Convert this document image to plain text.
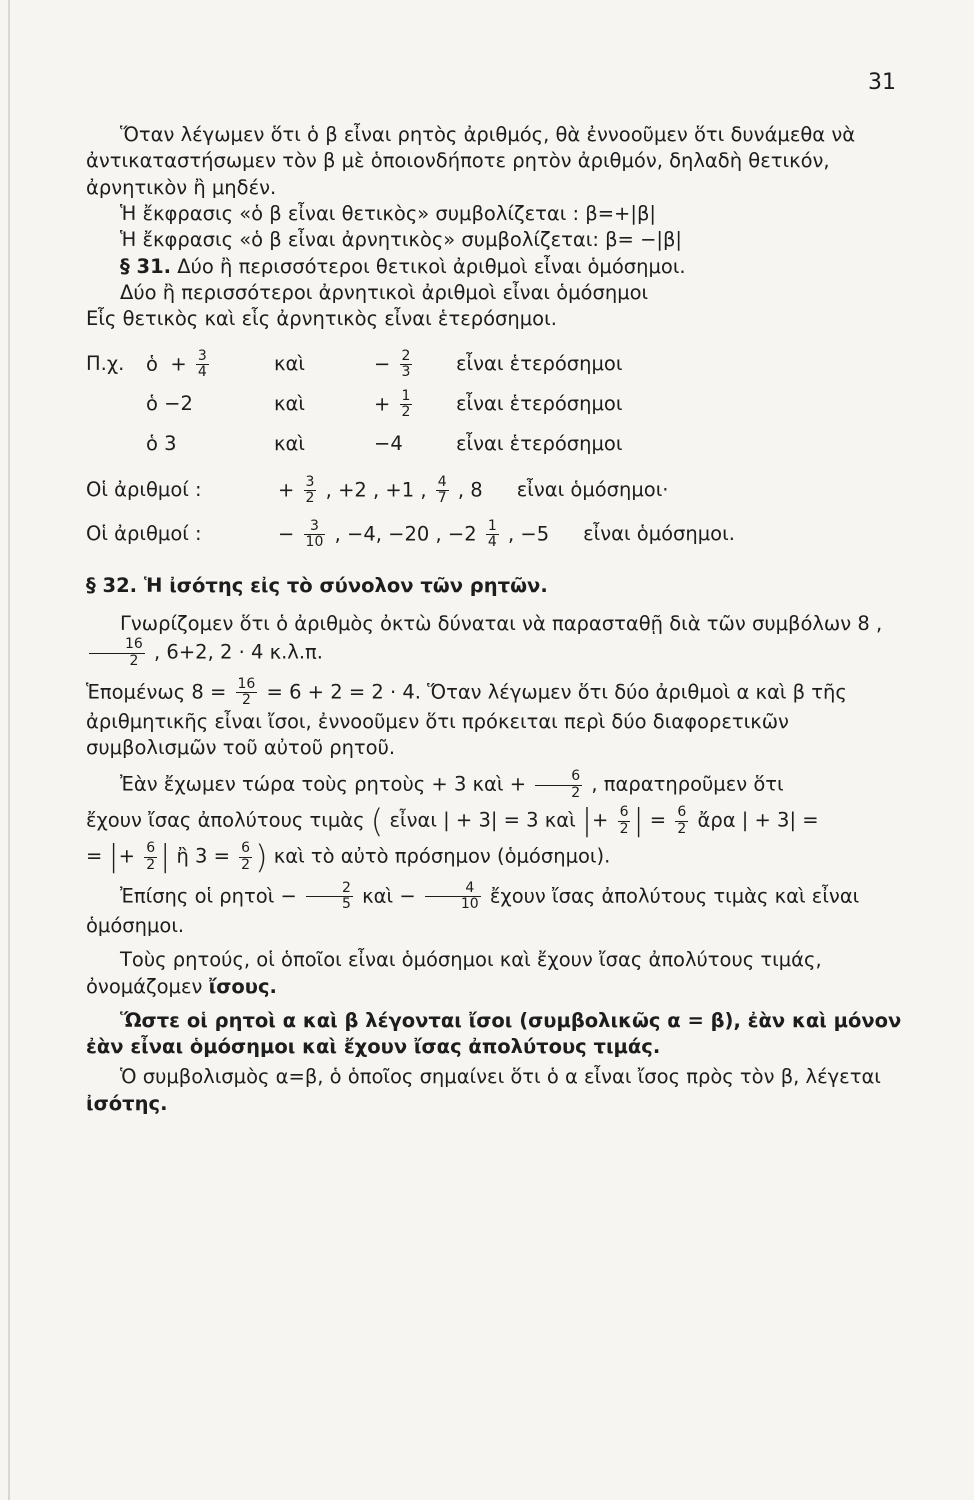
31

Ὅταν λέγωμεν ὅτι ὁ β εἶναι ρητὸς ἀριθμός, θὰ ἐννοοῦμεν ὅτι δυνάμεθα νὰ ἀντικαταστήσωμεν τὸν β μὲ ὁποιονδήποτε ρητὸν ἀριθμόν, δηλαδὴ θετικόν, ἀρνητικὸν ἢ μηδέν.

Ἡ ἔκφρασις «ὁ β εἶναι θετικὸς» συμβολίζεται : β=+|β|

Ἡ ἔκφρασις «ὁ β εἶναι ἀρνητικὸς» συμβολίζεται: β= −|β|

§ 31. Δύο ἢ περισσότεροι θετικοὶ ἀριθμοὶ εἶναι ὁμόσημοι.

Δύο ἢ περισσότεροι ἀρνητικοὶ ἀριθμοὶ εἶναι ὁμόσημοι

Εἷς θετικὸς καὶ εἷς ἀρνητικὸς εἶναι ἑτερόσημοι.

Π.χ.	ὁ + $\frac{3}{4}$	καὶ	− $\frac{2}{3}$ εἶναι ἑτερόσημοι
ὁ −2	καὶ	+ $\frac{1}{2}$ εἶναι ἑτερόσημοι
ὁ 3	καὶ	−4	εἶναι ἑτερόσημοι
Οἱ ἀριθμοί :	+ $\frac{3}{2}$ , +2 , +1 , $\frac{4}{7}$ , 8 εἶναι ὁμόσημοι·
Οἱ ἀριθμοί :	− $\frac{3}{10}$ , −4, −20 , $-2 \frac{1}{4}$ , −5 εἶναι ὁμόσημοι.

§ 32. Ἡ ἰσότης εἰς τὸ σύνολον τῶν ρητῶν.

Γνωρίζομεν ὅτι ὁ ἀριθμὸς ὀκτὼ δύναται νὰ παρασταθῇ διὰ τῶν συμβόλων 8 ,
$\frac{16}{2}$ , 6+2, 2 · 4 κ.λ.π.

Ἑπομένως $8 = \frac{16}{2} = 6 + 2 = 2 \cdot 4$. Ὅταν λέγωμεν ὅτι δύο ἀριθμοὶ α καὶ β τῆς ἀριθμητικῆς εἶναι ἴσοι, ἐννοοῦμεν ὅτι πρόκειται περὶ δύο διαφορετικῶν συμβολισμῶν τοῦ αὐτοῦ ρητοῦ.

Ἐὰν ἔχωμεν τώρα τοὺς ρητοὺς + 3 καὶ + $\frac{6}{2}$ , παρατηροῦμεν ὅτι

ἔχουν ἴσας ἀπολύτους τιμὰς ( εἶναι | + 3| = 3 καὶ |+ $\frac{6}{2}$ | = $\frac{6}{2}$ ἄρα | + 3| =

= |+ $\frac{6}{2}$ | ἢ $3 = \frac{6}{2}$ ) καὶ τὸ αὐτὸ πρόσημον (ὁμόσημοι).

Ἐπίσης οἱ ρητοὶ − $\frac{2}{5}$ καὶ − $\frac{4}{10}$ ἔχουν ἴσας ἀπολύτους τιμὰς καὶ εἶναι ὁμόσημοι.

Τοὺς ρητούς, οἱ ὁποῖοι εἶναι ὁμόσημοι καὶ ἔχουν ἴσας ἀπολύτους τιμάς, ὀνομάζομεν ἴσους.

Ὥστε οἱ ρητοὶ α καὶ β λέγονται ἴσοι (συμβολικῶς α = β), ἐὰν καὶ μόνον ἐὰν εἶναι ὁμόσημοι καὶ ἔχουν ἴσας ἀπολύτους τιμάς.

Ὁ συμβολισμὸς α=β, ὁ ὁποῖος σημαίνει ὅτι ὁ α εἶναι ἴσος πρὸς τὸν β, λέγεται ἰσότης.
